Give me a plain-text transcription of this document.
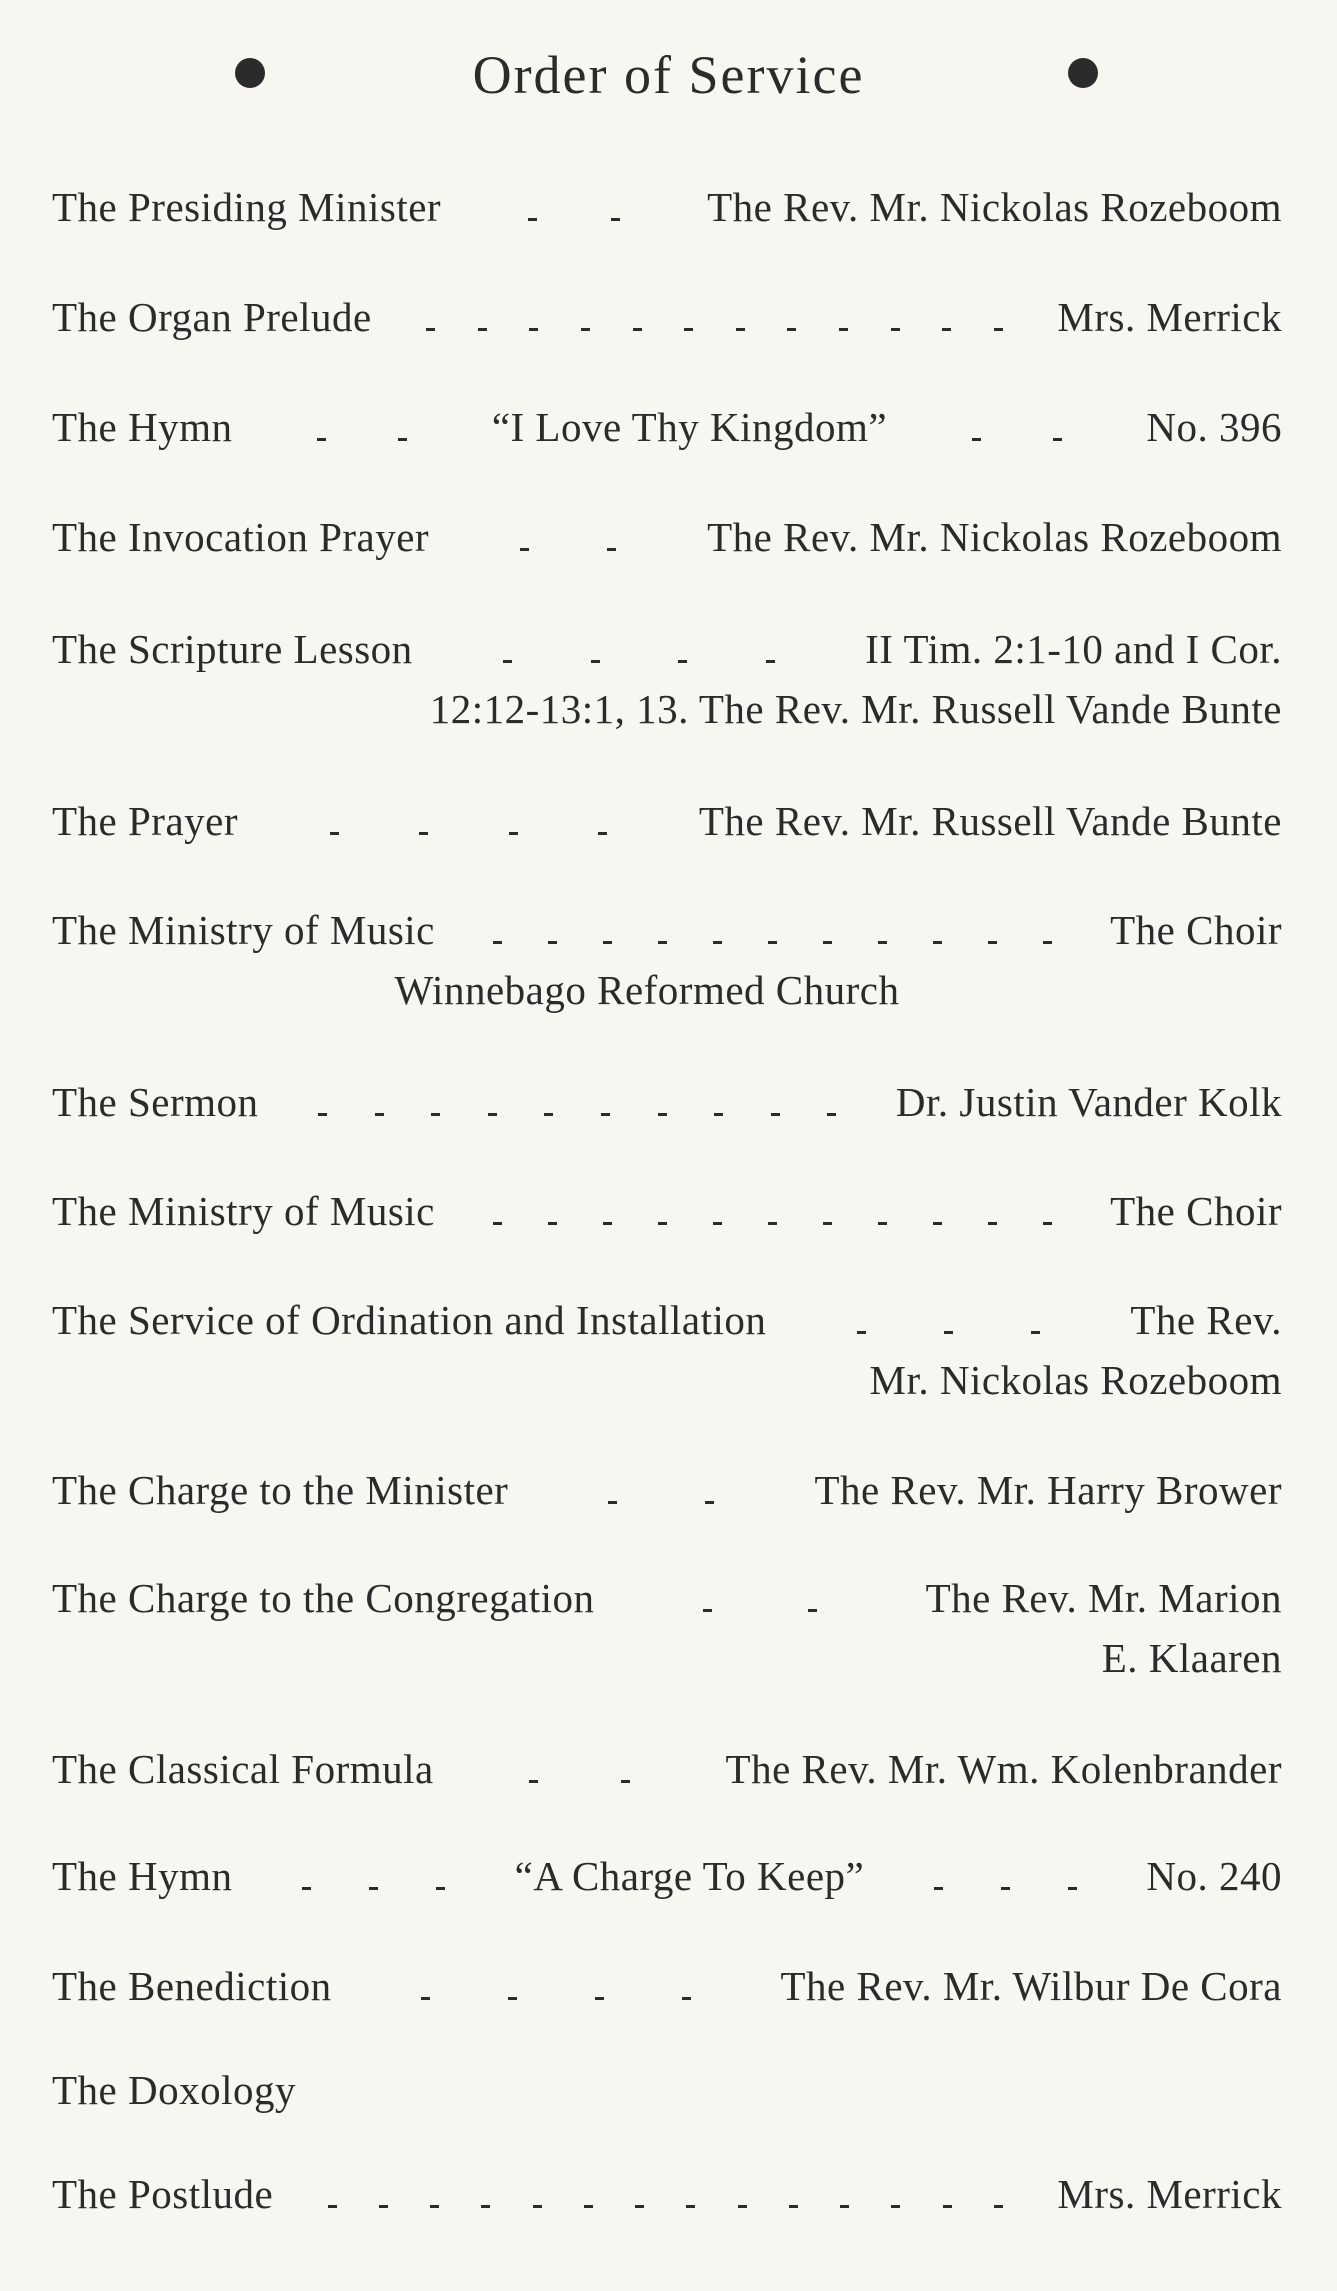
Order of Service
The Presiding Minister	The Rev. Mr. Nickolas Rozeboom
The Organ Prelude	Mrs. Merrick
The Hymn	“I Love Thy Kingdom”	No. 396
The Invocation Prayer	The Rev. Mr. Nickolas Rozeboom
The Scripture Lesson	II Tim. 2:1-10 and I Cor.
12:12-13:1, 13. The Rev. Mr. Russell Vande Bunte
The Prayer	The Rev. Mr. Russell Vande Bunte
The Ministry of Music	The Choir
Winnebago Reformed Church
The Sermon	Dr. Justin Vander Kolk
The Ministry of Music	The Choir
The Service of Ordination and Installation	The Rev.
Mr. Nickolas Rozeboom
The Charge to the Minister	The Rev. Mr. Harry Brower
The Charge to the Congregation	The Rev. Mr. Marion
E. Klaaren
The Classical Formula	The Rev. Mr. Wm. Kolenbrander
The Hymn	“A Charge To Keep”	No. 240
The Benediction	The Rev. Mr. Wilbur De Cora
The Doxology
The Postlude	Mrs. Merrick
